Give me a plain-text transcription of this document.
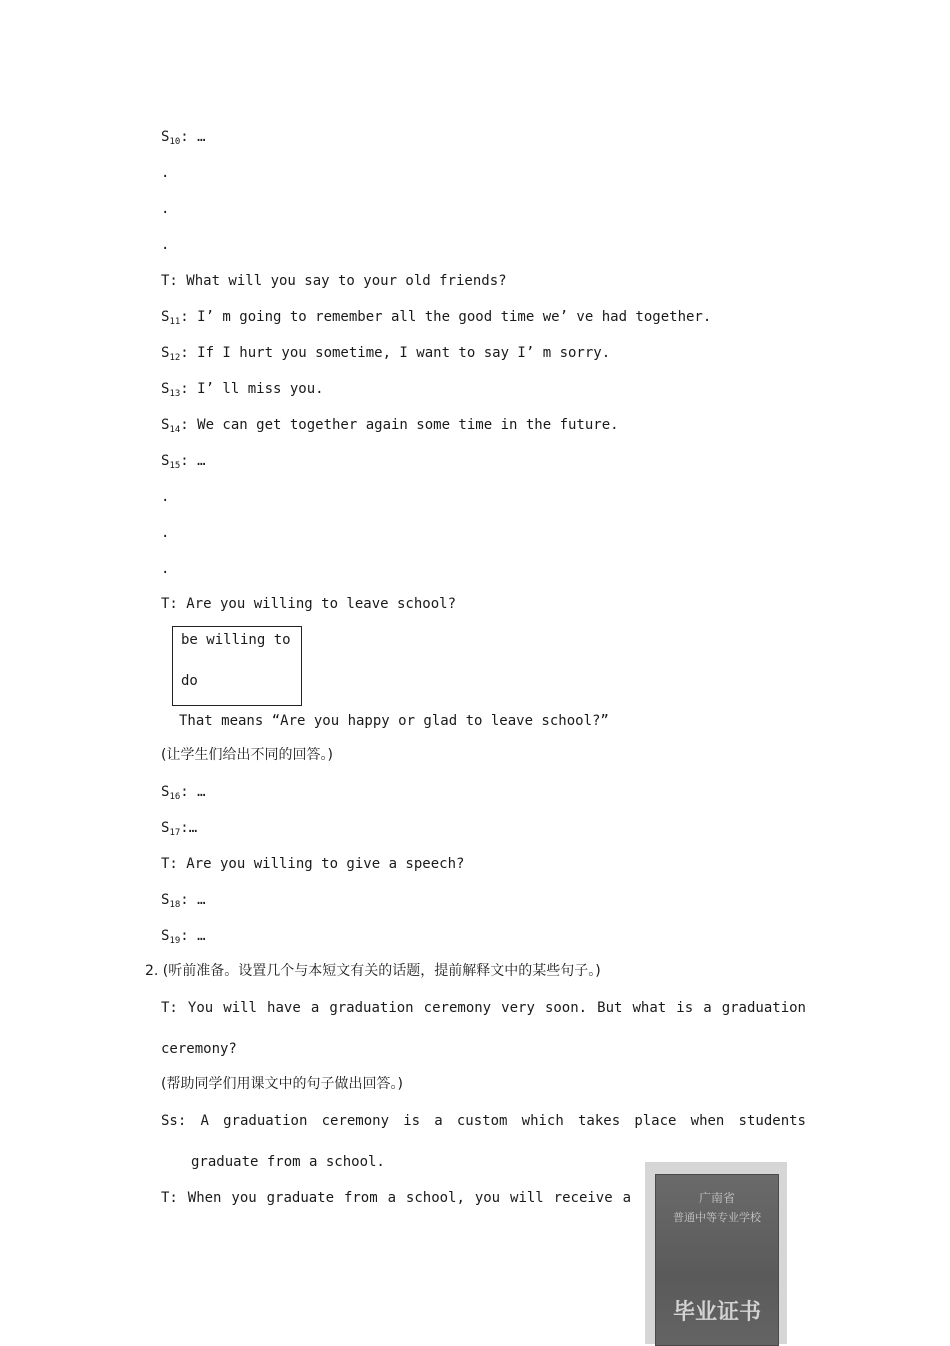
$S_{10}$: …
.
.
.
T: What will you say to your old friends?
$S_{11}$: I’ m going to remember all the good time we’ ve had together.
$S_{12}$: If I hurt you sometime, I want to say I’ m sorry.
$S_{13}$: I’ ll miss you.
$S_{14}$: We can get together again some time in the future.
$S_{15}$: …
.
.
.
T: Are you willing to leave school?
be willing to
do
That means “Are you happy or glad to leave school?”
(让学生们给出不同的回答。)
$S_{16}$: …
$S_{17}:\dots$
T: Are you willing to give a speech?
$S_{18}$: …
$S_{19}$: …
2. (听前准备。设置几个与本短文有关的话题，提前解释文中的某些句子。)
T: You will have a graduation ceremony very soon. But what is a graduation
ceremony?
(帮助同学们用课文中的句子做出回答。)
Ss: A graduation ceremony is a custom which takes place when students
graduate from a school.
T: When you graduate from a school, you will receive a	广南省
普通中等专业学校
毕业证书
